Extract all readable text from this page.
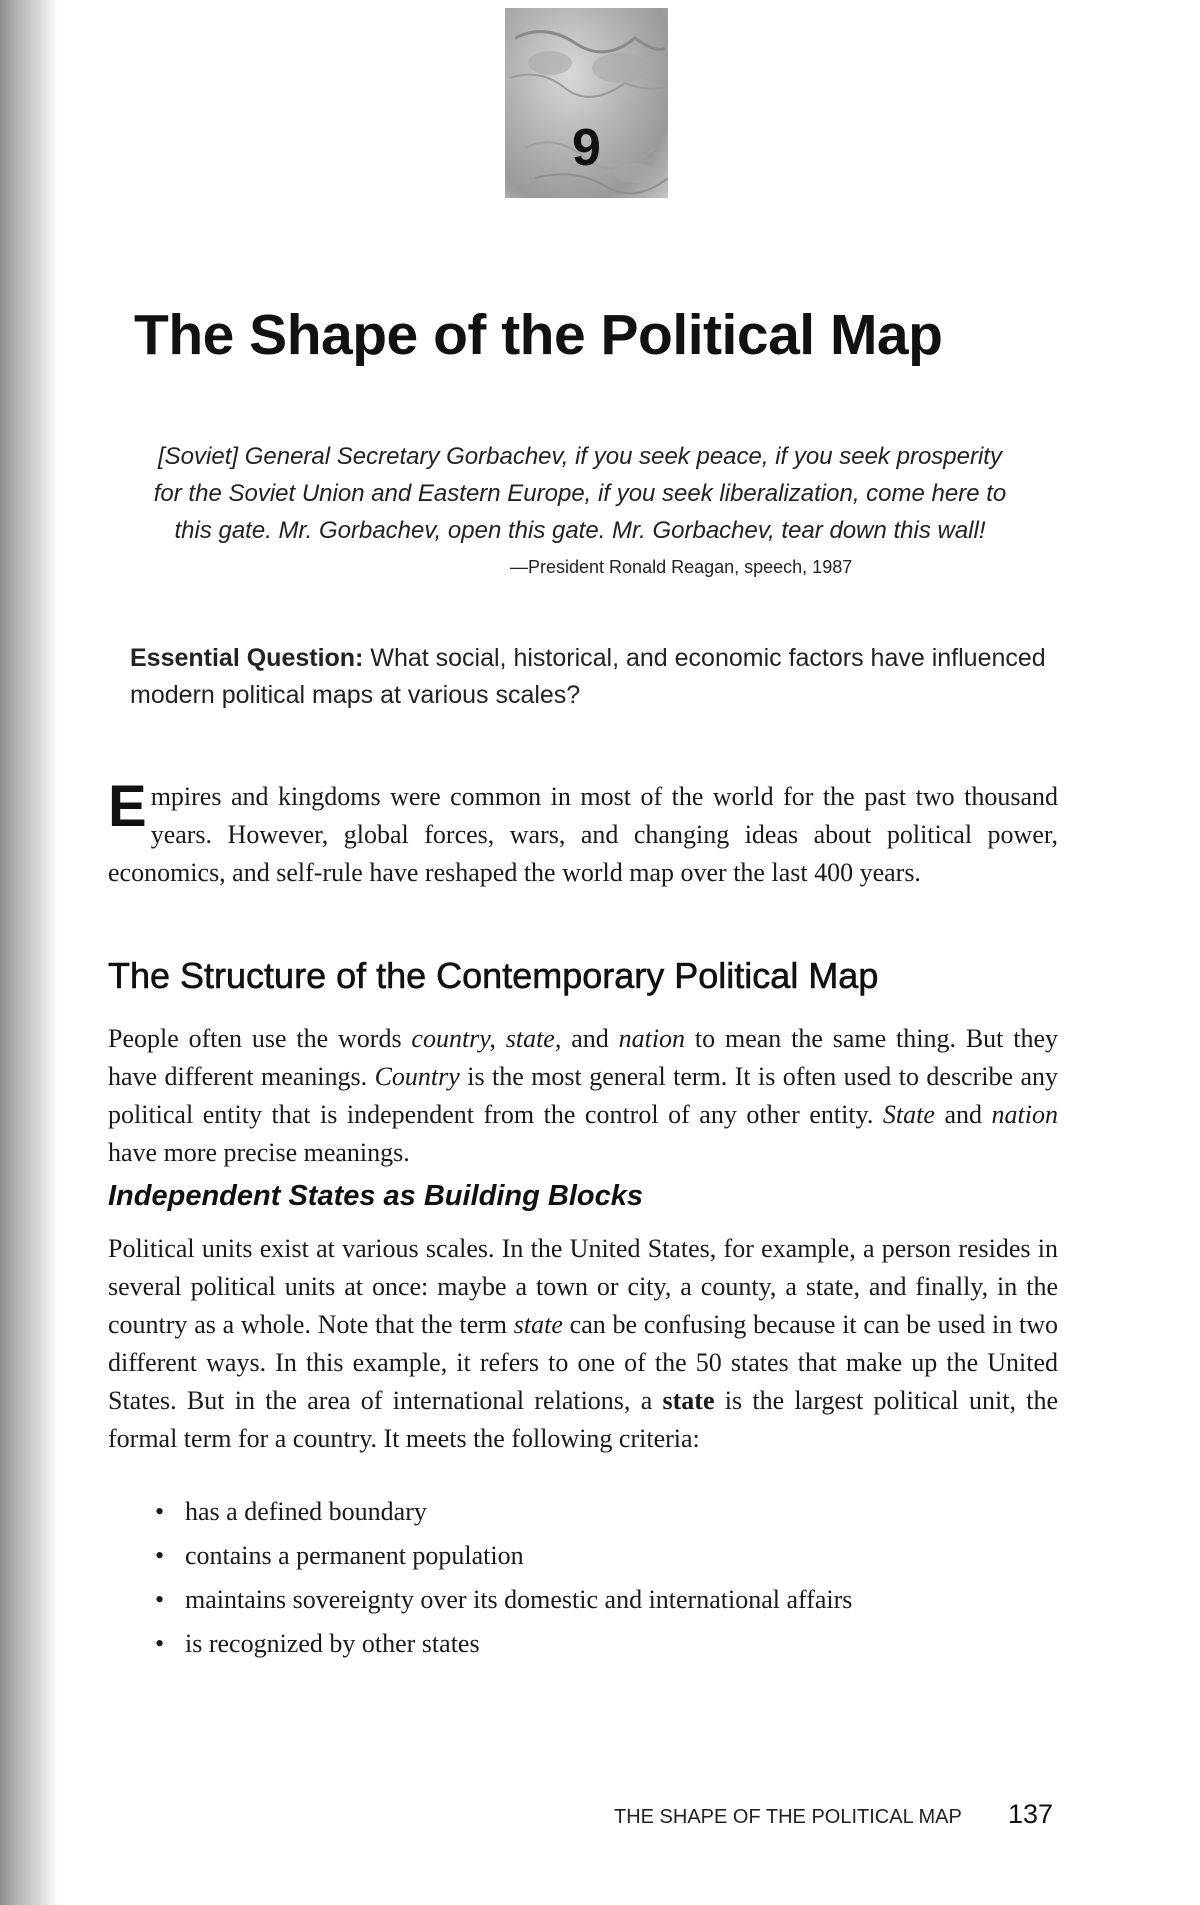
9
The Shape of the Political Map

[Soviet] General Secretary Gorbachev, if you seek peace, if you seek prosperity
for the Soviet Union and Eastern Europe, if you seek liberalization, come here to
this gate. Mr. Gorbachev, open this gate. Mr. Gorbachev, tear down this wall!

—President Ronald Reagan, speech, 1987

Essential Question: What social, historical, and economic factors have influenced modern political maps at various scales?

Empires and kingdoms were common in most of the world for the past two thousand years. However, global forces, wars, and changing ideas about political power, economics, and self-rule have reshaped the world map over the last 400 years.

The Structure of the Contemporary Political Map

People often use the words country, state, and nation to mean the same thing. But they have different meanings. Country is the most general term. It is often used to describe any political entity that is independent from the control of any other entity. State and nation have more precise meanings.

Independent States as Building Blocks

Political units exist at various scales. In the United States, for example, a person resides in several political units at once: maybe a town or city, a county, a state, and finally, in the country as a whole. Note that the term state can be confusing because it can be used in two different ways. In this example, it refers to one of the 50 states that make up the United States. But in the area of international relations, a state is the largest political unit, the formal term for a country. It meets the following criteria:

• has a defined boundary
• contains a permanent population
• maintains sovereignty over its domestic and international affairs
• is recognized by other states
THE SHAPE OF THE POLITICAL MAP 137
